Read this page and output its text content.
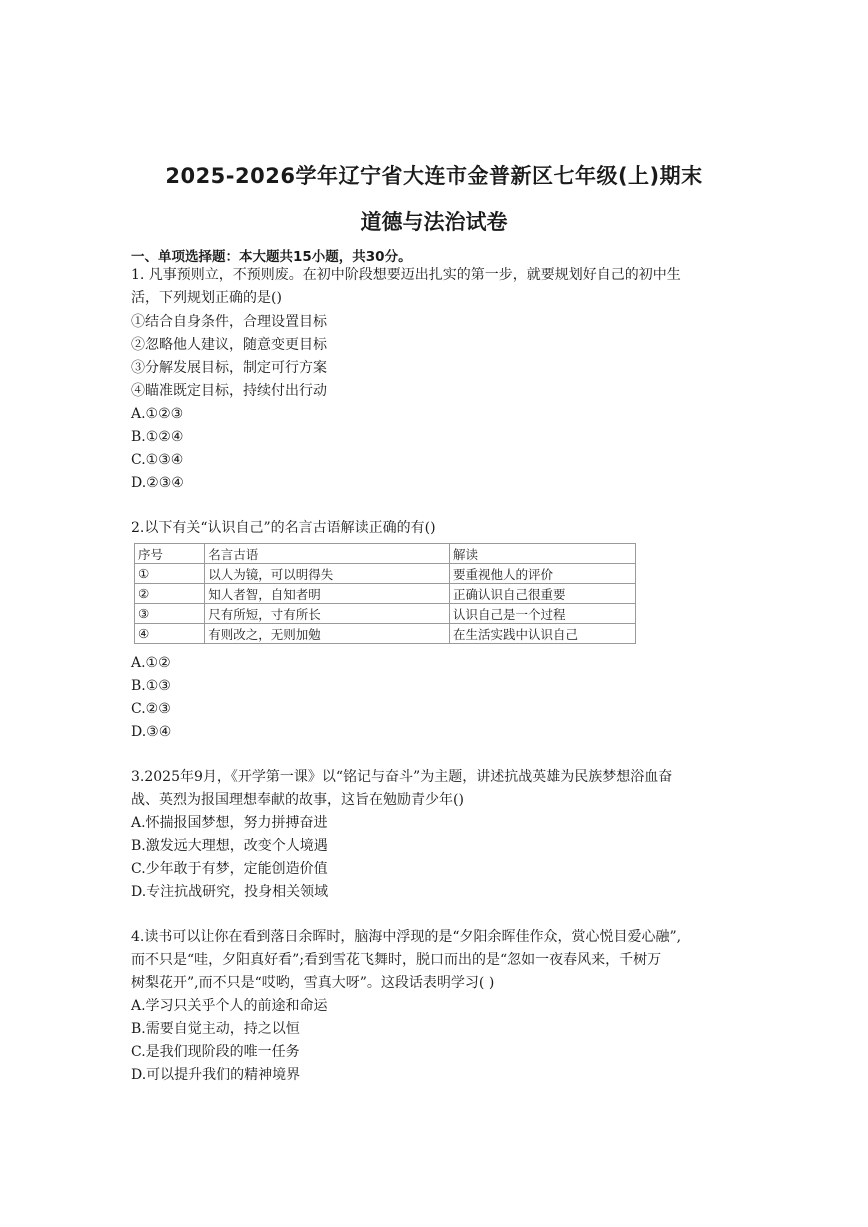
2025-2026学年辽宁省大连市金普新区七年级(上)期末
道德与法治试卷
一、单项选择题：本大题共15小题，共30分。
1. 凡事预则立，不预则废。在初中阶段想要迈出扎实的第一步，就要规划好自己的初中生
活，下列规划正确的是()
①结合自身条件，合理设置目标
②忽略他人建议，随意变更目标
③分解发展目标，制定可行方案
④瞄准既定目标，持续付出行动
A.①②③
B.①②④
C.①③④
D.②③④
2.以下有关“认识自己”的名言古语解读正确的有()
序号	名言古语	解读
①	以人为镜，可以明得失	要重视他人的评价
②	知人者智，自知者明	正确认识自己很重要
③	尺有所短，寸有所长	认识自己是一个过程
④	有则改之，无则加勉	在生活实践中认识自己
A.①②
B.①③
C.②③
D.③④
3.2025年9月，《开学第一课》以“铭记与奋斗”为主题，讲述抗战英雄为民族梦想浴血奋
战、英烈为报国理想奉献的故事，这旨在勉励青少年()
A.怀揣报国梦想，努力拼搏奋进
B.激发远大理想，改变个人境遇
C.少年敢于有梦，定能创造价值
D.专注抗战研究，投身相关领域
4.读书可以让你在看到落日余晖时，脑海中浮现的是“夕阳余晖佳作众，赏心悦目爱心融”,
而不只是“哇，夕阳真好看”;看到雪花飞舞时，脱口而出的是“忽如一夜春风来，千树万
树梨花开”,而不只是“哎哟，雪真大呀”。这段话表明学习( )
A.学习只关乎个人的前途和命运
B.需要自觉主动，持之以恒
C.是我们现阶段的唯一任务
D.可以提升我们的精神境界
